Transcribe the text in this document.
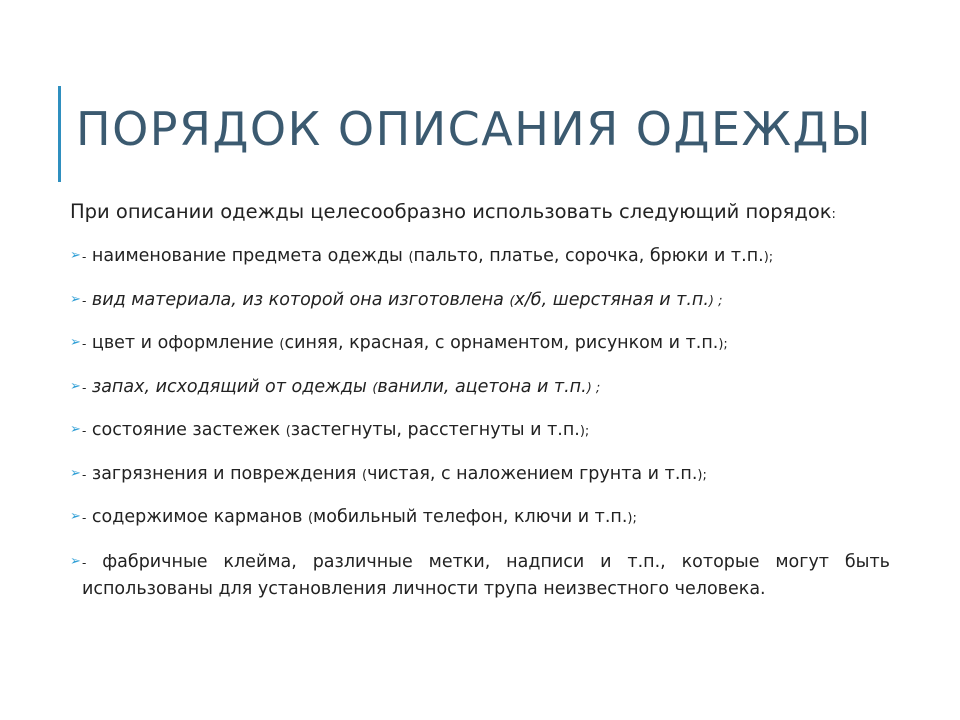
ПОРЯДОК ОПИСАНИЯ ОДЕЖДЫ

При описании одежды целесообразно использовать следующий порядок:

➢ - наименование предмета одежды (пальто, платье, сорочка, брюки и т.п.);
➢ - вид материала, из которой она изготовлена (х/б, шерстяная и т.п.) ;
➢ - цвет и оформление (синяя, красная, с орнаментом, рисунком и т.п.);
➢ - запах, исходящий от одежды (ванили, ацетона и т.п.) ;
➢ - состояние застежек (застегнуты, расстегнуты и т.п.);
➢ - загрязнения и повреждения (чистая, с наложением грунта и т.п.);
➢ - содержимое карманов (мобильный телефон, ключи и т.п.);
➢ - фабричные клейма, различные метки, надписи и т.п., которые могут быть использованы для установления личности трупа неизвестного человека.
